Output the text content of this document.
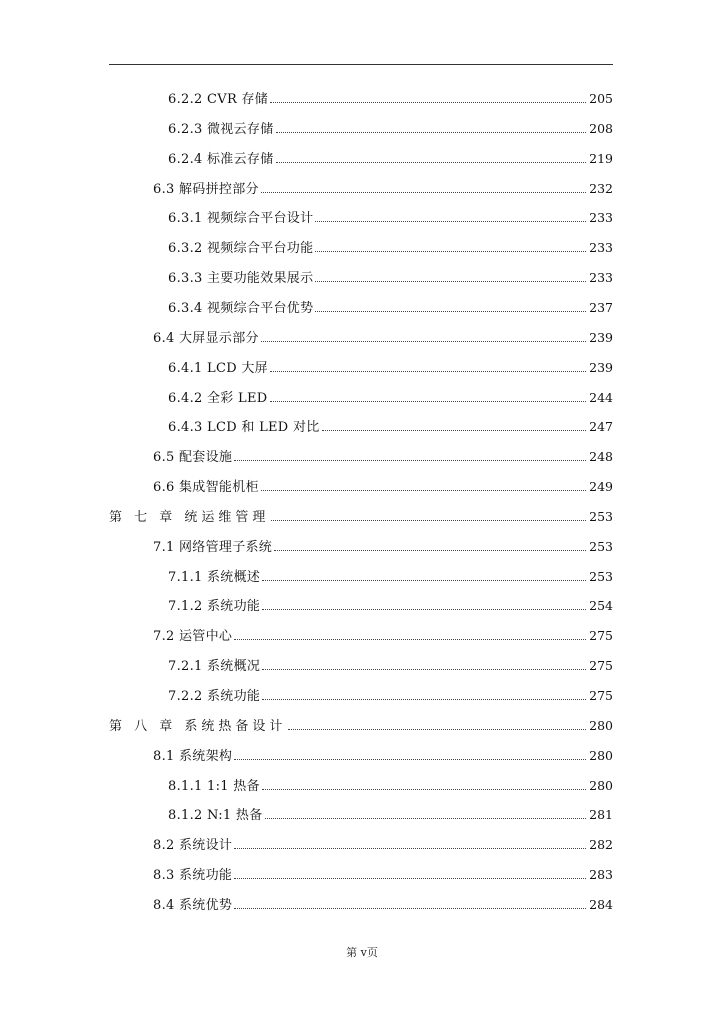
6.2.2 CVR 存储	205
6.2.3 微视云存储	208
6.2.4 标准云存储	219
6.3 解码拼控部分	232
6.3.1 视频综合平台设计	233
6.3.2 视频综合平台功能	233
6.3.3 主要功能效果展示	233
6.3.4 视频综合平台优势	237
6.4 大屏显示部分	239
6.4.1 LCD 大屏	239
6.4.2 全彩 LED	244
6.4.3 LCD 和 LED 对比	247
6.5 配套设施	248
6.6 集成智能机柜	249
第 七 章 统运维管理	253
7.1 网络管理子系统	253
7.1.1 系统概述	253
7.1.2 系统功能	254
7.2 运管中心	275
7.2.1 系统概况	275
7.2.2 系统功能	275
第 八 章 系统热备设计	280
8.1 系统架构	280
8.1.1 1:1 热备	280
8.1.2 N:1 热备	281
8.2 系统设计	282
8.3 系统功能	283
8.4 系统优势	284
第 v页
